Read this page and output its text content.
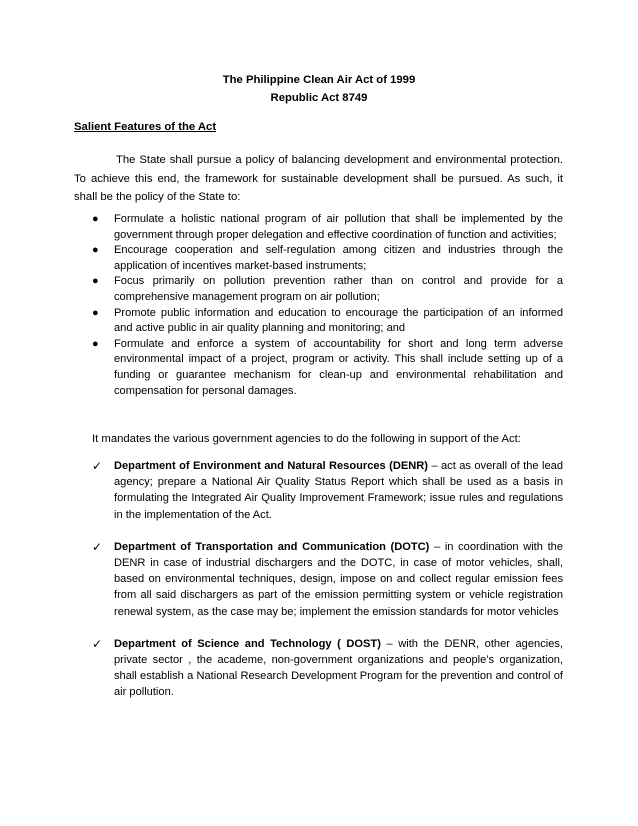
The Philippine Clean Air Act of 1999
Republic Act 8749
Salient Features of the Act

The State shall pursue a policy of balancing development and environmental protection. To achieve this end, the framework for sustainable development shall be pursued. As such, it shall be the policy of the State to:

●	Formulate a holistic national program of air pollution that shall be implemented by the government through proper delegation and effective coordination of function and activities;
●	Encourage cooperation and self-regulation among citizen and industries through the application of incentives market-based instruments;
●	Focus primarily on pollution prevention rather than on control and provide for a comprehensive management program on air pollution;
●	Promote public information and education to encourage the participation of an informed and active public in air quality planning and monitoring; and
●	Formulate and enforce a system of accountability for short and long term adverse environmental impact of a project, program or activity. This shall include setting up of a funding or guarantee mechanism for clean-up and environmental rehabilitation and compensation for personal damages.

It mandates the various government agencies to do the following in support of the Act:

✓	Department of Environment and Natural Resources (DENR) – act as overall of the lead agency; prepare a National Air Quality Status Report which shall be used as a basis in formulating the Integrated Air Quality Improvement Framework; issue rules and regulations in the implementation of the Act.
✓	Department of Transportation and Communication (DOTC) – in coordination with the DENR in case of industrial dischargers and the DOTC, in case of motor vehicles, shall, based on environmental techniques, design, impose on and collect regular emission fees from all said dischargers as part of the emission permitting system or vehicle registration renewal system, as the case may be; implement the emission standards for motor vehicles
✓	Department of Science and Technology ( DOST) – with the DENR, other agencies, private sector , the academe, non-government organizations and people’s organization, shall establish a National Research Development Program for the prevention and control of air pollution.
